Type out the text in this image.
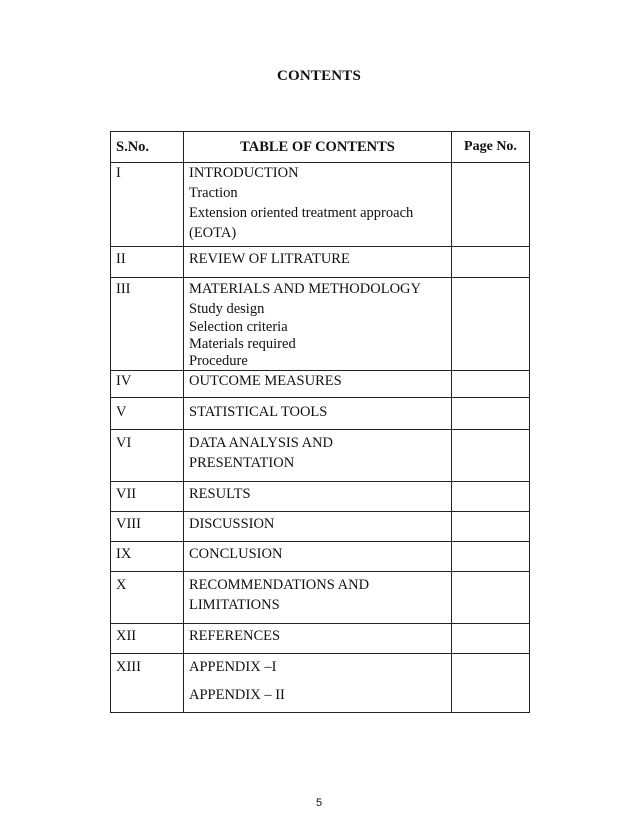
CONTENTS
S.No.	TABLE OF CONTENTS	Page No.
I	INTRODUCTION
Traction
Extension oriented treatment approach
(EOTA)	

II	REVIEW OF LITRATURE	

III	MATERIALS AND METHODOLOGY
Study design
Selection criteria
Materials required
Procedure	

IV	OUTCOME MEASURES	

V	STATISTICAL TOOLS	

VI	DATA ANALYSIS AND
PRESENTATION	

VII	RESULTS	

VIII	DISCUSSION	

IX	CONCLUSION	

X	RECOMMENDATIONS AND
LIMITATIONS	

XII	REFERENCES	

XIII	APPENDIX –I
APPENDIX – II	

5
